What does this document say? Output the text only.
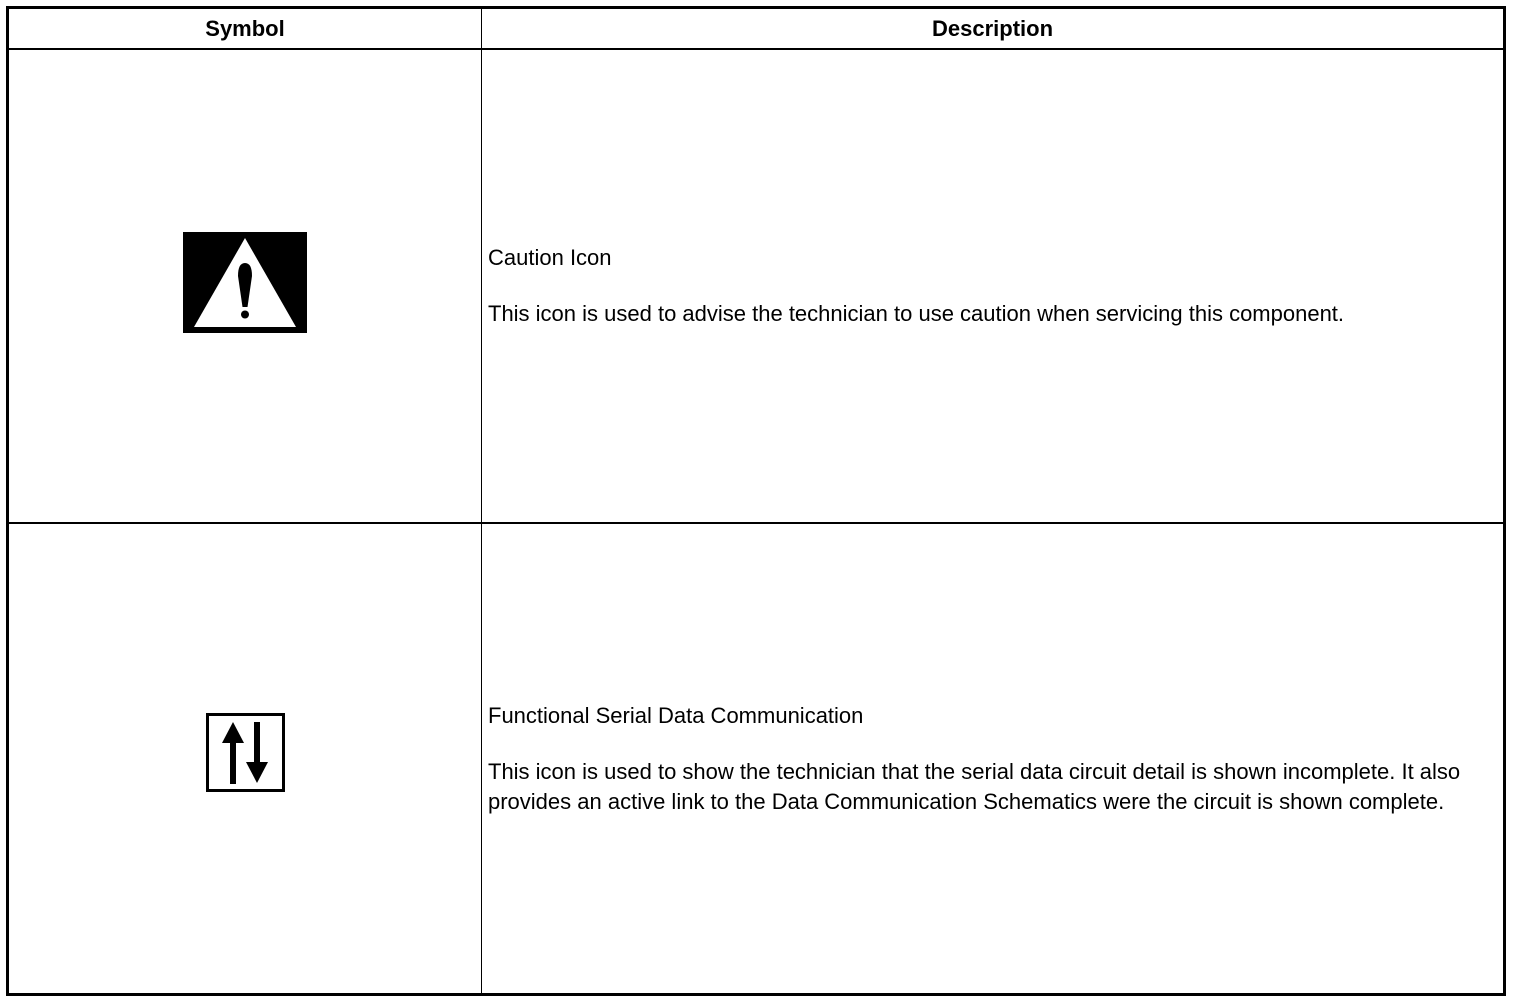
Symbol	Description

Caution Icon

This icon is used to advise the technician to use caution when servicing this component.

Functional Serial Data Communication

This icon is used to show the technician that the serial data circuit detail is shown incomplete. It also provides an active link to the Data Communication Schematics were the circuit is shown complete.
